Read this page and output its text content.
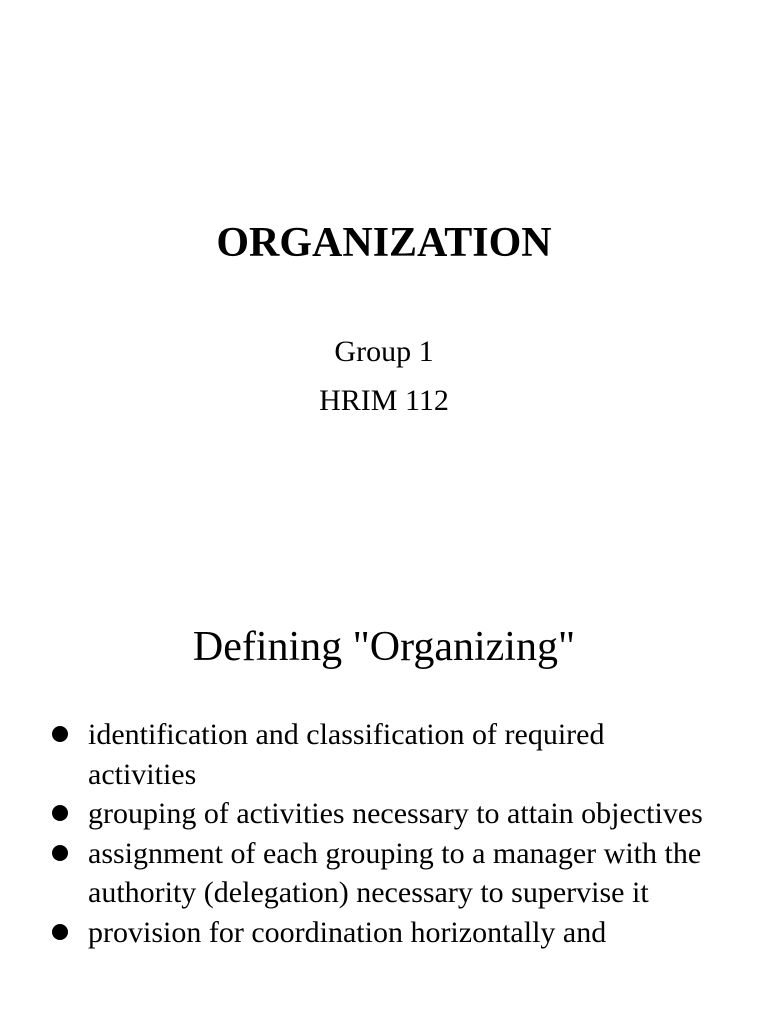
ORGANIZATION

Group 1

HRIM 112

Defining "Organizing"
identification and classification of required activities
grouping of activities necessary to attain objectives
assignment of each grouping to a manager with the authority (delegation) necessary to supervise it
provision for coordination horizontally and
